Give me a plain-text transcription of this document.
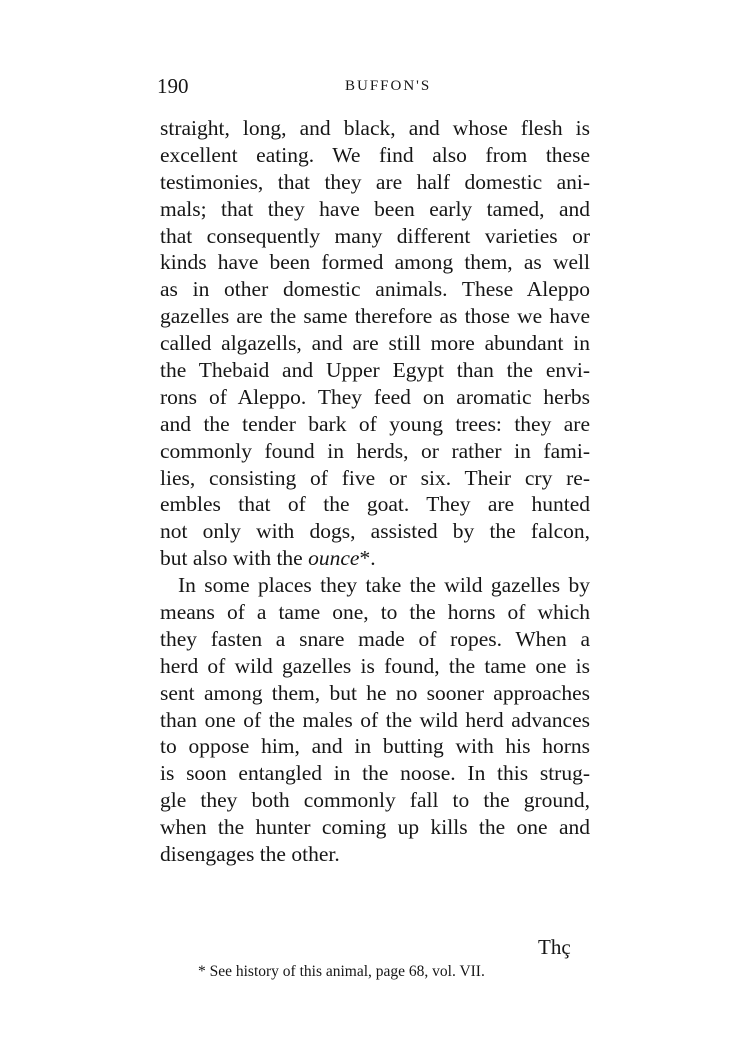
190	BUFFON'S
straight, long, and black, and whose flesh is
excellent eating. We find also from these
testimonies, that they are half domestic ani-
mals; that they have been early tamed, and
that consequently many different varieties or
kinds have been formed among them, as well
as in other domestic animals. These Aleppo
gazelles are the same therefore as those we have
called algazells, and are still more abundant in
the Thebaid and Upper Egypt than the envi-
rons of Aleppo. They feed on aromatic herbs
and the tender bark of young trees: they are
commonly found in herds, or rather in fami-
lies, consisting of five or six. Their cry re-
embles that of the goat. They are hunted
not only with dogs, assisted by the falcon,
but also with the ounce*.
In some places they take the wild gazelles by
means of a tame one, to the horns of which
they fasten a snare made of ropes. When a
herd of wild gazelles is found, the tame one is
sent among them, but he no sooner approaches
than one of the males of the wild herd advances
to oppose him, and in butting with his horns
is soon entangled in the noose. In this strug-
gle they both commonly fall to the ground,
when the hunter coming up kills the one and
disengages the other.
Thç
* See history of this animal, page 68, vol. VII.
